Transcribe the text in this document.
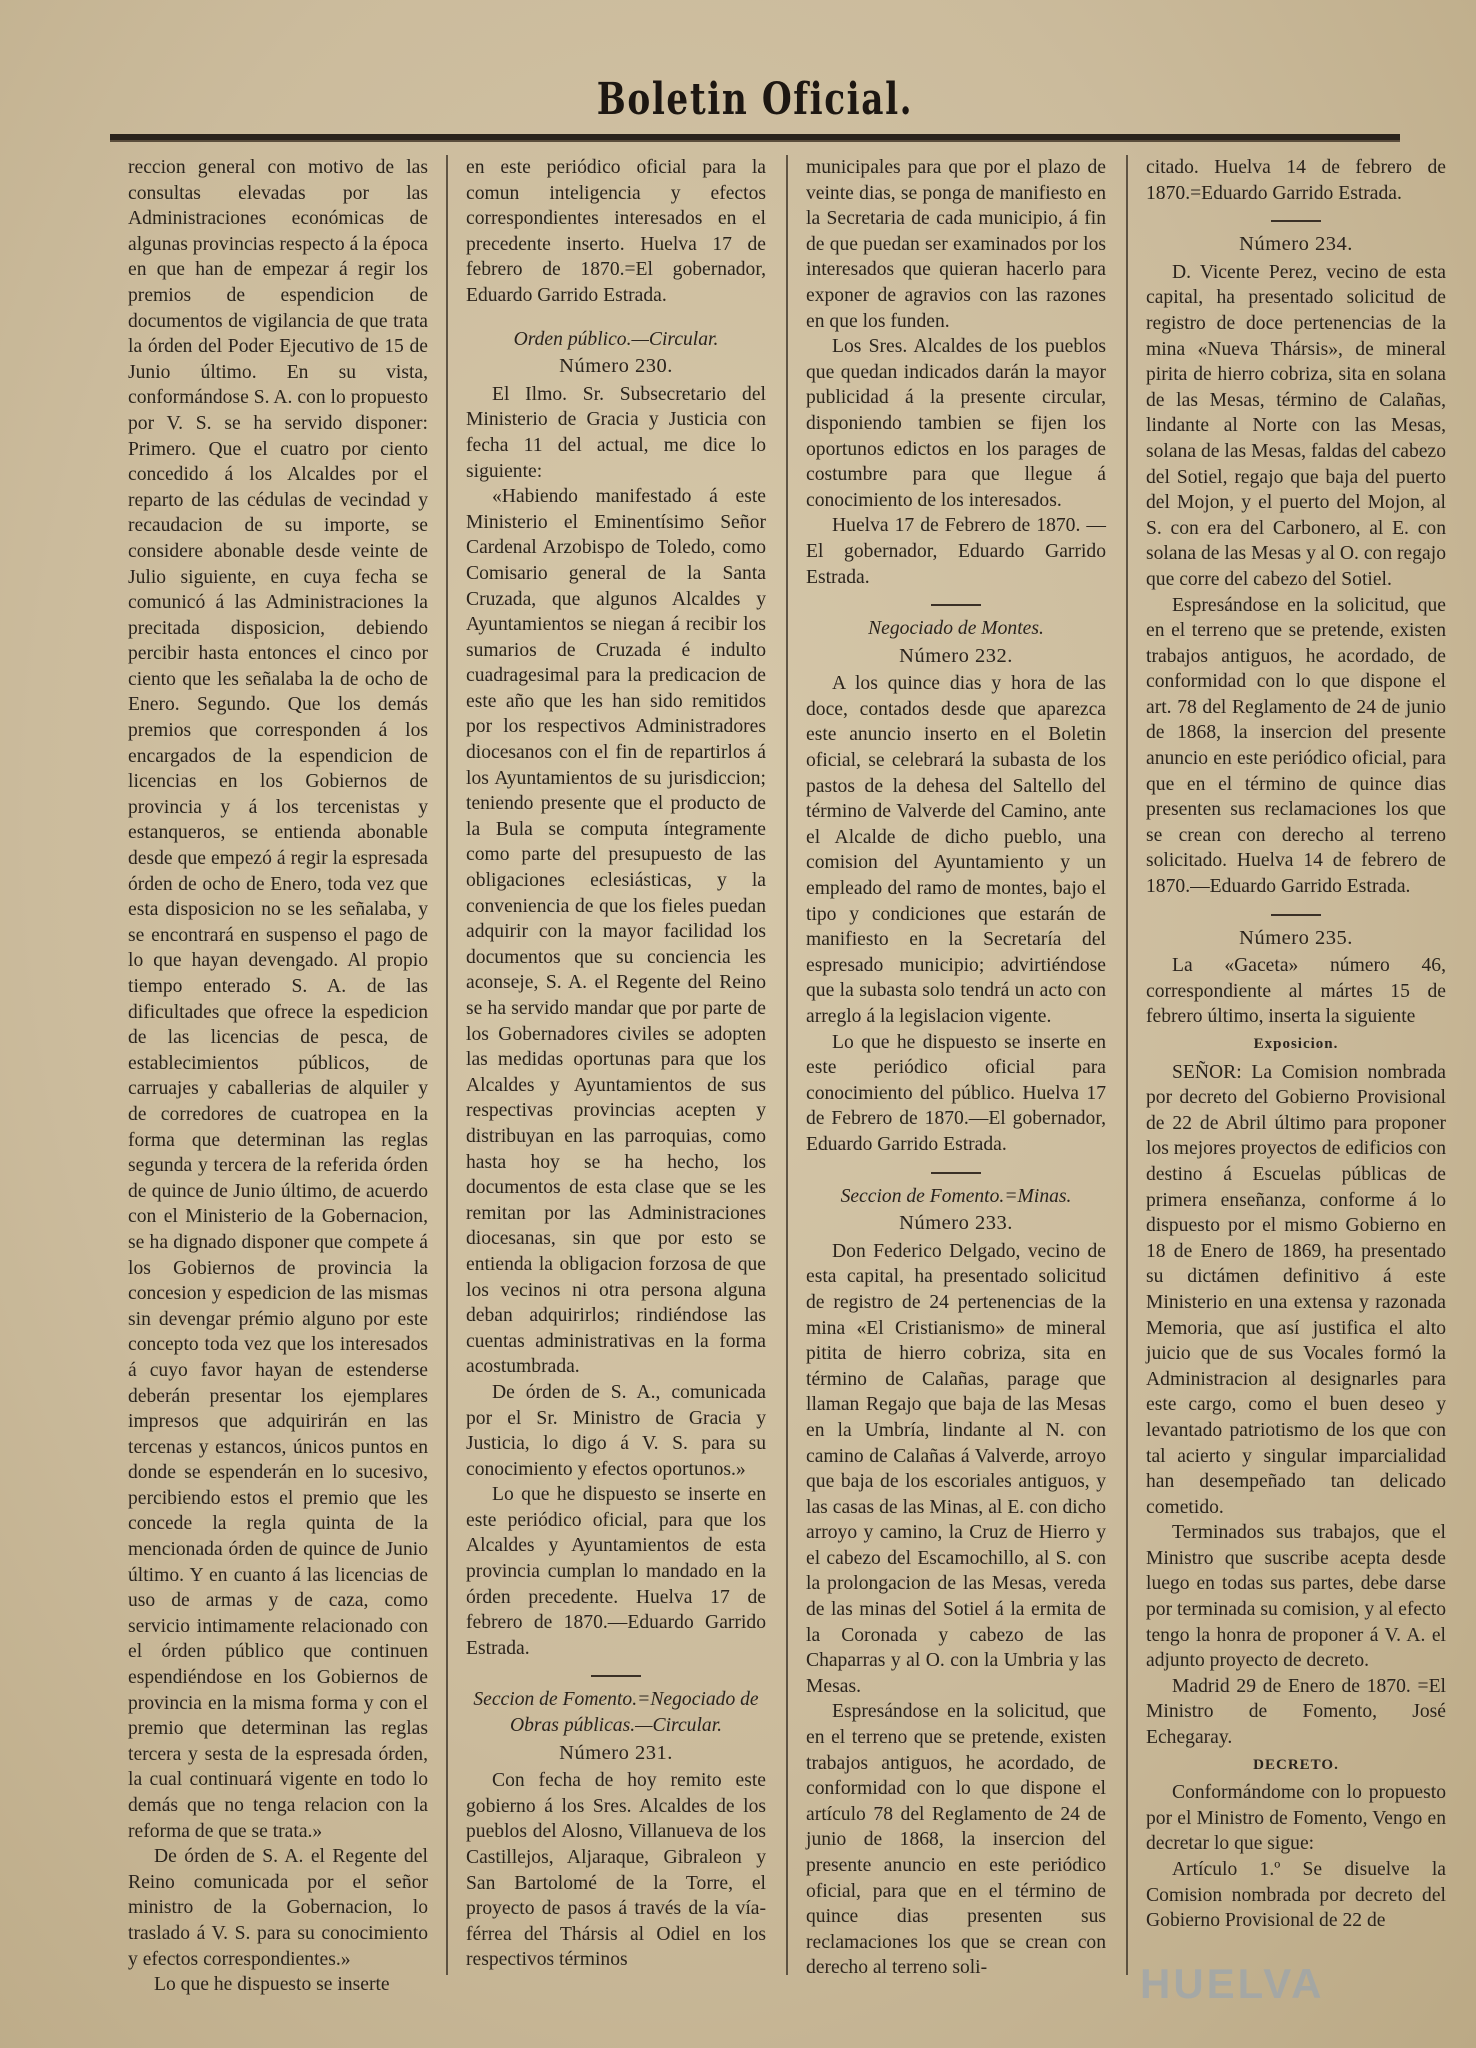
Boletin Oficial.

reccion general con motivo de las consultas elevadas por las Administraciones económicas de algunas provincias respecto á la época en que han de empezar á regir los premios de espendicion de documentos de vigilancia de que trata la órden del Poder Ejecutivo de 15 de Junio último. En su vista, conformándose S. A. con lo propuesto por V. S. se ha servido disponer: Primero. Que el cuatro por ciento concedido á los Alcaldes por el reparto de las cédulas de vecindad y recaudacion de su importe, se considere abonable desde veinte de Julio siguiente, en cuya fecha se comunicó á las Administraciones la precitada disposicion, debiendo percibir hasta entonces el cinco por ciento que les señalaba la de ocho de Enero. Segundo. Que los demás premios que corresponden á los encargados de la espendicion de licencias en los Gobiernos de provincia y á los tercenistas y estanqueros, se entienda abonable desde que empezó á regir la espresada órden de ocho de Enero, toda vez que esta disposicion no se les señalaba, y se encontrará en suspenso el pago de lo que hayan devengado. Al propio tiempo enterado S. A. de las dificultades que ofrece la espedicion de las licencias de pesca, de establecimientos públicos, de carruajes y caballerias de alquiler y de corredores de cuatropea en la forma que determinan las reglas segunda y tercera de la referida órden de quince de Junio último, de acuerdo con el Ministerio de la Gobernacion, se ha dignado disponer que compete á los Gobiernos de provincia la concesion y espedicion de las mismas sin devengar prémio alguno por este concepto toda vez que los interesados á cuyo favor hayan de estenderse deberán presentar los ejemplares impresos que adquirirán en las tercenas y estancos, únicos puntos en donde se espenderán en lo sucesivo, percibiendo estos el premio que les concede la regla quinta de la mencionada órden de quince de Junio último. Y en cuanto á las licencias de uso de armas y de caza, como servicio intimamente relacionado con el órden público que continuen espendiéndose en los Gobiernos de provincia en la misma forma y con el premio que determinan las reglas tercera y sesta de la espresada órden, la cual continuará vigente en todo lo demás que no tenga relacion con la reforma de que se trata.»

De órden de S. A. el Regente del Reino comunicada por el señor ministro de la Gobernacion, lo traslado á V. S. para su conocimiento y efectos correspondientes.»

Lo que he dispuesto se inserte

en este periódico oficial para la comun inteligencia y efectos correspondientes interesados en el precedente inserto. Huelva 17 de febrero de 1870.=El gobernador, Eduardo Garrido Estrada.

Orden público.—Circular.
Número 230.

El Ilmo. Sr. Subsecretario del Ministerio de Gracia y Justicia con fecha 11 del actual, me dice lo siguiente:

«Habiendo manifestado á este Ministerio el Eminentísimo Señor Cardenal Arzobispo de Toledo, como Comisario general de la Santa Cruzada, que algunos Alcaldes y Ayuntamientos se niegan á recibir los sumarios de Cruzada é indulto cuadragesimal para la predicacion de este año que les han sido remitidos por los respectivos Administradores diocesanos con el fin de repartirlos á los Ayuntamientos de su jurisdiccion; teniendo presente que el producto de la Bula se computa íntegramente como parte del presupuesto de las obligaciones eclesiásticas, y la conveniencia de que los fieles puedan adquirir con la mayor facilidad los documentos que su conciencia les aconseje, S. A. el Regente del Reino se ha servido mandar que por parte de los Gobernadores civiles se adopten las medidas oportunas para que los Alcaldes y Ayuntamientos de sus respectivas provincias acepten y distribuyan en las parroquias, como hasta hoy se ha hecho, los documentos de esta clase que se les remitan por las Administraciones diocesanas, sin que por esto se entienda la obligacion forzosa de que los vecinos ni otra persona alguna deban adquirirlos; rindiéndose las cuentas administrativas en la forma acostumbrada.

De órden de S. A., comunicada por el Sr. Ministro de Gracia y Justicia, lo digo á V. S. para su conocimiento y efectos oportunos.»

Lo que he dispuesto se inserte en este periódico oficial, para que los Alcaldes y Ayuntamientos de esta provincia cumplan lo mandado en la órden precedente. Huelva 17 de febrero de 1870.—Eduardo Garrido Estrada.

Seccion de Fomento.=Negociado de Obras públicas.—Circular.
Número 231.

Con fecha de hoy remito este gobierno á los Sres. Alcaldes de los pueblos del Alosno, Villanueva de los Castillejos, Aljaraque, Gibraleon y San Bartolomé de la Torre, el proyecto de pasos á través de la vía-férrea del Thársis al Odiel en los respectivos términos

municipales para que por el plazo de veinte dias, se ponga de manifiesto en la Secretaria de cada municipio, á fin de que puedan ser examinados por los interesados que quieran hacerlo para exponer de agravios con las razones en que los funden.

Los Sres. Alcaldes de los pueblos que quedan indicados darán la mayor publicidad á la presente circular, disponiendo tambien se fijen los oportunos edictos en los parages de costumbre para que llegue á conocimiento de los interesados.

Huelva 17 de Febrero de 1870. —El gobernador, Eduardo Garrido Estrada.

Negociado de Montes.
Número 232.

A los quince dias y hora de las doce, contados desde que aparezca este anuncio inserto en el Boletin oficial, se celebrará la subasta de los pastos de la dehesa del Saltello del término de Valverde del Camino, ante el Alcalde de dicho pueblo, una comision del Ayuntamiento y un empleado del ramo de montes, bajo el tipo y condiciones que estarán de manifiesto en la Secretaría del espresado municipio; advirtiéndose que la subasta solo tendrá un acto con arreglo á la legislacion vigente.

Lo que he dispuesto se inserte en este periódico oficial para conocimiento del público. Huelva 17 de Febrero de 1870.—El gobernador, Eduardo Garrido Estrada.

Seccion de Fomento.=Minas.
Número 233.

Don Federico Delgado, vecino de esta capital, ha presentado solicitud de registro de 24 pertenencias de la mina «El Cristianismo» de mineral pitita de hierro cobriza, sita en término de Calañas, parage que llaman Regajo que baja de las Mesas en la Umbría, lindante al N. con camino de Calañas á Valverde, arroyo que baja de los escoriales antiguos, y las casas de las Minas, al E. con dicho arroyo y camino, la Cruz de Hierro y el cabezo del Escamochillo, al S. con la prolongacion de las Mesas, vereda de las minas del Sotiel á la ermita de la Coronada y cabezo de las Chaparras y al O. con la Umbria y las Mesas.

Espresándose en la solicitud, que en el terreno que se pretende, existen trabajos antiguos, he acordado, de conformidad con lo que dispone el artículo 78 del Reglamento de 24 de junio de 1868, la insercion del presente anuncio en este periódico oficial, para que en el término de quince dias presenten sus reclamaciones los que se crean con derecho al terreno soli-

citado. Huelva 14 de febrero de 1870.=Eduardo Garrido Estrada.

Número 234.

D. Vicente Perez, vecino de esta capital, ha presentado solicitud de registro de doce pertenencias de la mina «Nueva Thársis», de mineral pirita de hierro cobriza, sita en solana de las Mesas, término de Calañas, lindante al Norte con las Mesas, solana de las Mesas, faldas del cabezo del Sotiel, regajo que baja del puerto del Mojon, y el puerto del Mojon, al S. con era del Carbonero, al E. con solana de las Mesas y al O. con regajo que corre del cabezo del Sotiel.

Espresándose en la solicitud, que en el terreno que se pretende, existen trabajos antiguos, he acordado, de conformidad con lo que dispone el art. 78 del Reglamento de 24 de junio de 1868, la insercion del presente anuncio en este periódico oficial, para que en el término de quince dias presenten sus reclamaciones los que se crean con derecho al terreno solicitado. Huelva 14 de febrero de 1870.—Eduardo Garrido Estrada.

Número 235.

La «Gaceta» número 46, correspondiente al mártes 15 de febrero último, inserta la siguiente

Exposicion.

SEÑOR: La Comision nombrada por decreto del Gobierno Provisional de 22 de Abril último para proponer los mejores proyectos de edificios con destino á Escuelas públicas de primera enseñanza, conforme á lo dispuesto por el mismo Gobierno en 18 de Enero de 1869, ha presentado su dictámen definitivo á este Ministerio en una extensa y razonada Memoria, que así justifica el alto juicio que de sus Vocales formó la Administracion al designarles para este cargo, como el buen deseo y levantado patriotismo de los que con tal acierto y singular imparcialidad han desempeñado tan delicado cometido.

Terminados sus trabajos, que el Ministro que suscribe acepta desde luego en todas sus partes, debe darse por terminada su comision, y al efecto tengo la honra de proponer á V. A. el adjunto proyecto de decreto.

Madrid 29 de Enero de 1870. =El Ministro de Fomento, José Echegaray.

DECRETO.

Conformándome con lo propuesto por el Ministro de Fomento, Vengo en decretar lo que sigue:

Artículo 1.º Se disuelve la Comision nombrada por decreto del Gobierno Provisional de 22 de

HUELVA
